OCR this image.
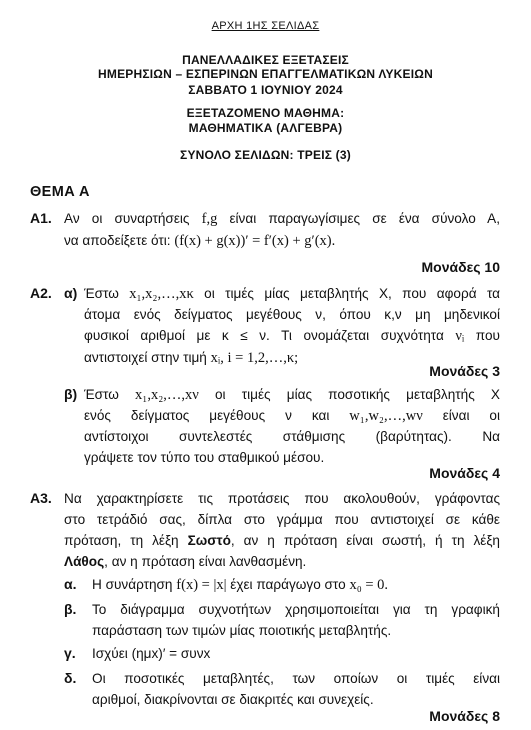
ΑΡΧΗ 1ΗΣ ΣΕΛΙΔΑΣ
ΠΑΝΕΛΛΑΔΙΚΕΣ ΕΞΕΤΑΣΕΙΣ
ΗΜΕΡΗΣΙΩΝ – ΕΣΠΕΡΙΝΩΝ ΕΠΑΓΓΕΛΜΑΤΙΚΩΝ ΛΥΚΕΙΩΝ
ΣΑΒΒΑΤΟ 1 ΙΟΥΝΙΟΥ 2024
ΕΞΕΤΑΖΟΜΕΝΟ ΜΑΘΗΜΑ:
ΜΑΘΗΜΑΤΙΚΑ (ΑΛΓΕΒΡΑ)
ΣΥΝΟΛΟ ΣΕΛΙΔΩΝ: ΤΡΕΙΣ (3)
ΘΕΜΑ Α
Α1. Αν οι συναρτήσεις f,g είναι παραγωγίσιμες σε ένα σύνολο Α,
να αποδείξετε ότι: (f(x) + g(x))′ = f′(x) + g′(x).
Μονάδες 10
Α2. α) Έστω x₁,x₂,…,xκ οι τιμές μίας μεταβλητής Χ, που αφορά τα
άτομα ενός δείγματος μεγέθους ν, όπου κ,ν μη μηδενικοί
φυσικοί αριθμοί με κ ≤ ν. Τι ονομάζεται συχνότητα νᵢ που
αντιστοιχεί στην τιμή xᵢ, i = 1,2,…,κ;
Μονάδες 3
β) Έστω x₁,x₂,…,xν οι τιμές μίας ποσοτικής μεταβλητής Χ
ενός δείγματος μεγέθους ν και w₁,w₂,…,wν είναι οι
αντίστοιχοι συντελεστές στάθμισης (βαρύτητας). Να
γράψετε τον τύπο του σταθμικού μέσου.
Μονάδες 4
Α3. Να χαρακτηρίσετε τις προτάσεις που ακολουθούν, γράφοντας
στο τετράδιό σας, δίπλα στο γράμμα που αντιστοιχεί σε κάθε
πρόταση, τη λέξη Σωστό, αν η πρόταση είναι σωστή, ή τη λέξη
Λάθος, αν η πρόταση είναι λανθασμένη.
α. Η συνάρτηση f(x) = |x| έχει παράγωγο στο x₀ = 0.
β. Το διάγραμμα συχνοτήτων χρησιμοποιείται για τη γραφική
παράσταση των τιμών μίας ποιοτικής μεταβλητής.
γ. Ισχύει (ημx)′ = συνx
δ. Οι ποσοτικές μεταβλητές, των οποίων οι τιμές είναι
αριθμοί, διακρίνονται σε διακριτές και συνεχείς.
Μονάδες 8
